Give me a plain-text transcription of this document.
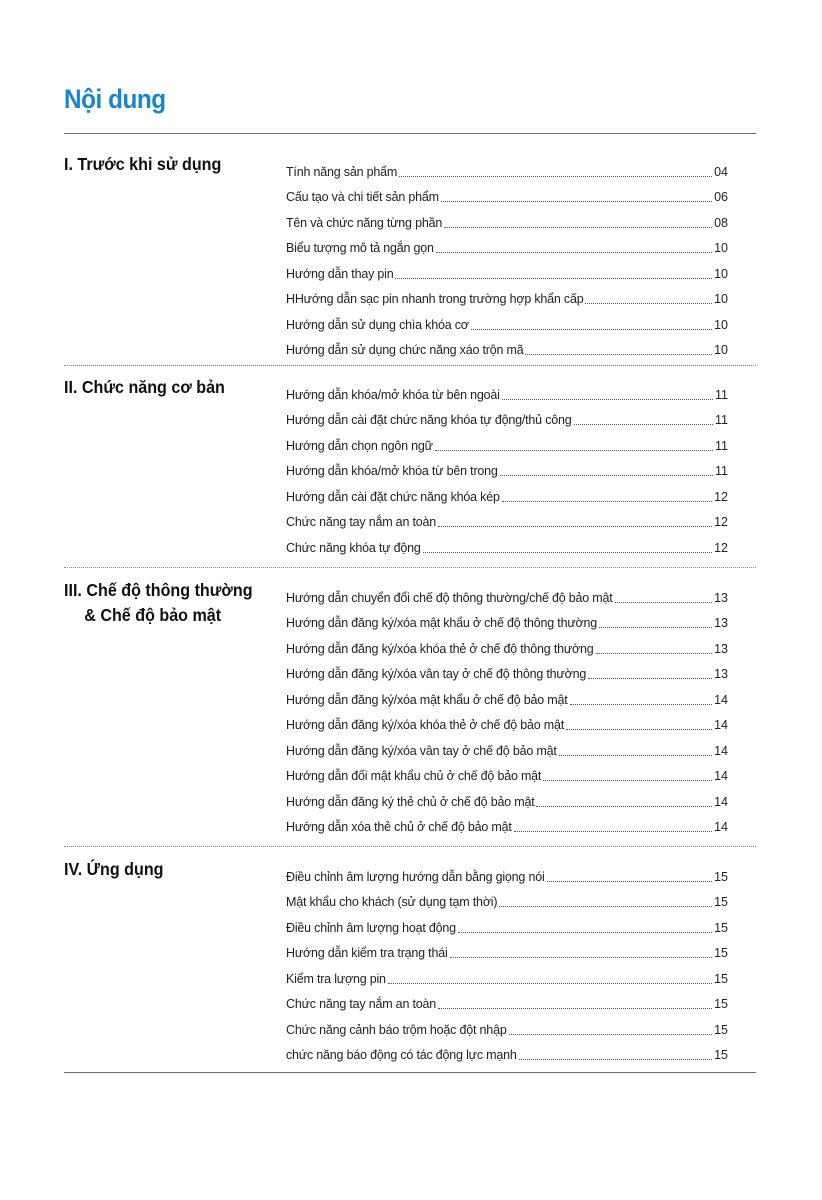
Nội dung
I. Trước khi sử dụng	Tính năng sản phẩm	04
Cấu tạo và chi tiết sản phẩm	06
Tên và chức năng từng phần	08
Biểu tượng mô tả ngắn gọn	10
Hướng dẫn thay pin	10
HHướng dẫn sạc pin nhanh trong trường hợp khẩn cấp	10
Hướng dẫn sử dụng chìa khóa cơ	10
Hướng dẫn sử dụng chức năng xáo trộn mã	10
II. Chức năng cơ bản	Hướng dẫn khóa/mở khóa từ bên ngoài	11
Hướng dẫn cài đặt chức năng khóa tự động/thủ công	11
Hướng dẫn chọn ngôn ngữ	11
Hướng dẫn khóa/mở khóa từ bên trong	11
Hướng dẫn cài đặt chức năng khóa kép	12
Chức năng tay nắm an toàn	12
Chức năng khóa tự động	12
III. Chế độ thông thường
& Chế độ bảo mật
Hướng dẫn chuyển đổi chế độ thông thường/chế độ bảo mật	13
Hướng dẫn đăng ký/xóa mật khẩu ở chế độ thông thường	13
Hướng dẫn đăng ký/xóa khóa thẻ ở chế độ thông thường	13
Hướng dẫn đăng ký/xóa vân tay ở chế độ thông thường	13
Hướng dẫn đăng ký/xóa mật khẩu ở chế độ bảo mật	14
Hướng dẫn đăng ký/xóa khóa thẻ ở chế độ bảo mật	14
Hướng dẫn đăng ký/xóa vân tay ở chế độ bảo mật	14
Hướng dẫn đổi mật khẩu chủ ở chế độ bảo mật	14
Hướng dẫn đăng ký thẻ chủ ở chế độ bảo mật	14
Hướng dẫn xóa thẻ chủ ở chế độ bảo mật	14
IV. Ứng dụng	Điều chỉnh âm lượng hướng dẫn bằng giọng nói	15
Mật khẩu cho khách (sử dụng tạm thời)	15
Điều chỉnh âm lượng hoạt động	15
Hướng dẫn kiểm tra trạng thái	15
Kiểm tra lượng pin	15
Chức năng tay nắm an toàn	15
Chức năng cảnh báo trộm hoặc đột nhập	15
chức năng báo động có tác động lực mạnh	15
